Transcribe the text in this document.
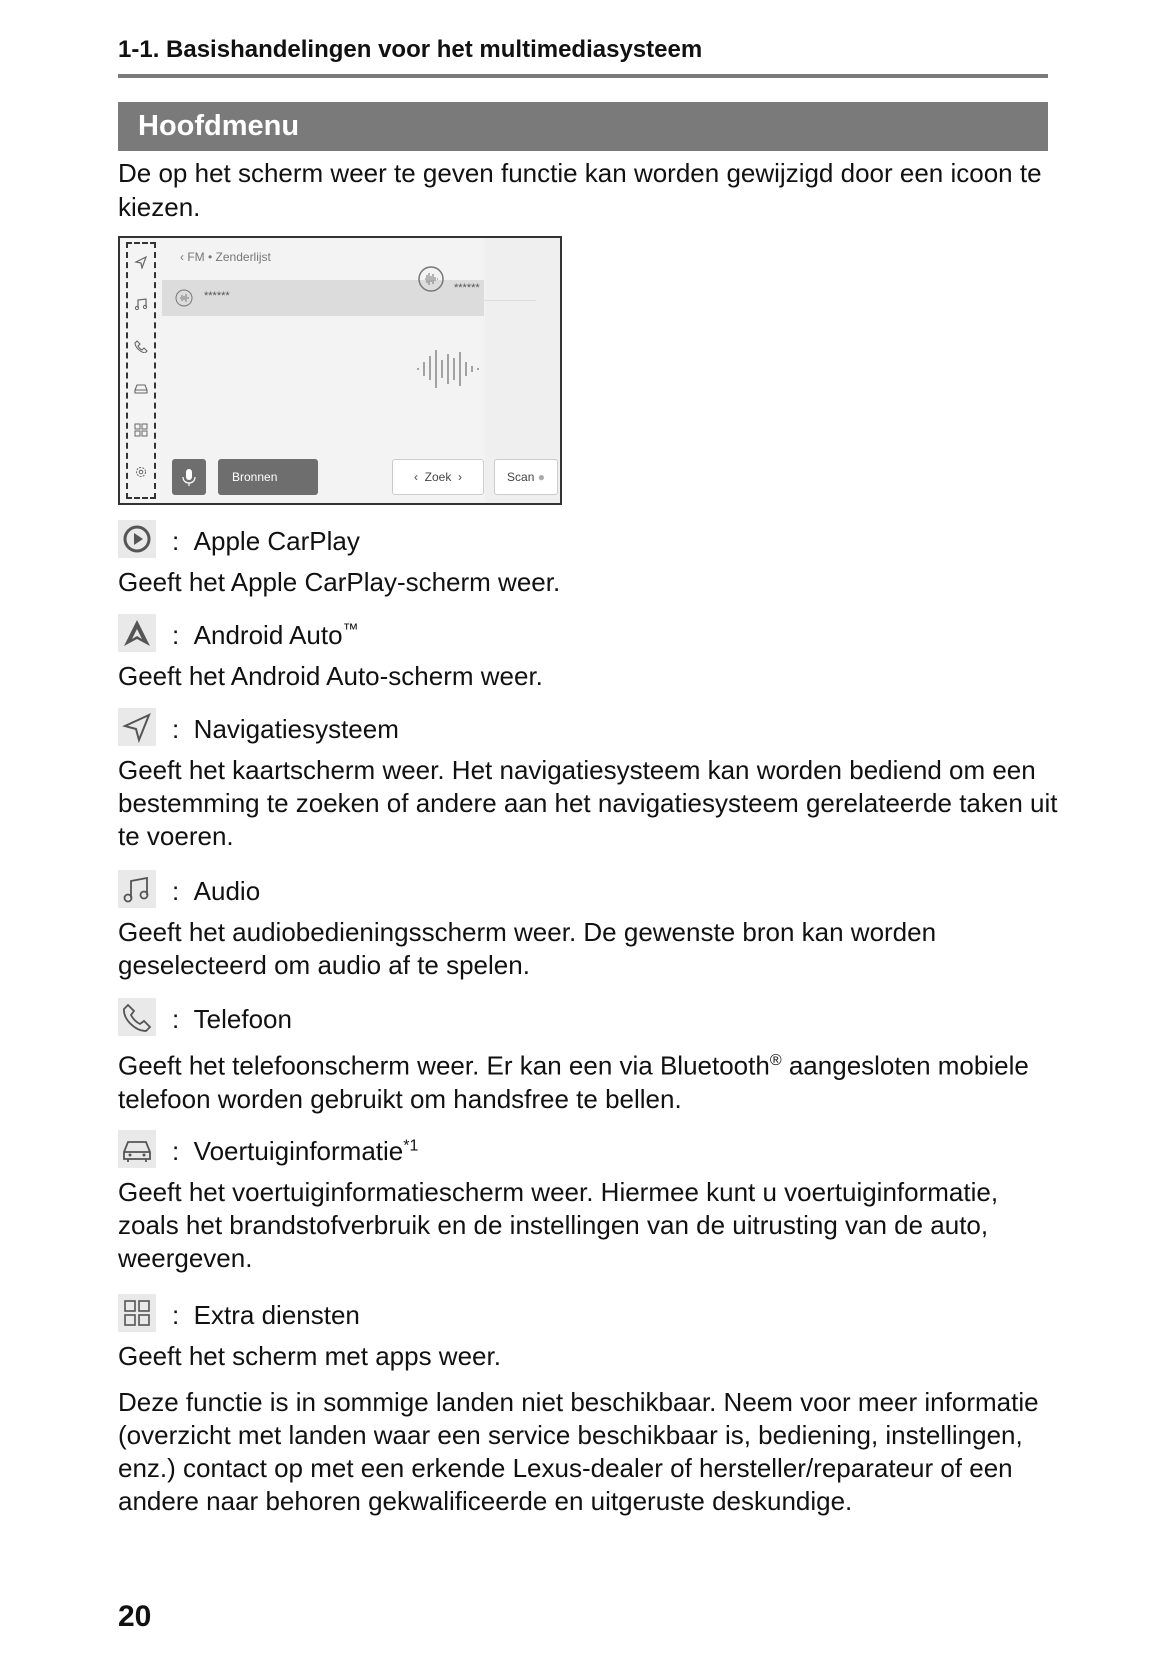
1-1. Basishandelingen voor het multimediasysteem
Hoofdmenu
De op het scherm weer te geven functie kan worden gewijzigd door een icoon te kiezen.
‹ FM • Zenderlijst
******
******
Bronnen	‹  Zoek  ›	Scan ●
:  Apple CarPlay
Geeft het Apple CarPlay-scherm weer.
:  Android Auto™
Geeft het Android Auto-scherm weer.
:  Navigatiesysteem
Geeft het kaartscherm weer. Het navigatiesysteem kan worden bediend om een bestemming te zoeken of andere aan het navigatiesysteem gerelateerde taken uit te voeren.
:  Audio
Geeft het audiobedieningsscherm weer. De gewenste bron kan worden geselecteerd om audio af te spelen.
:  Telefoon
Geeft het telefoonscherm weer. Er kan een via Bluetooth® aangesloten mobiele telefoon worden gebruikt om handsfree te bellen.
:  Voertuiginformatie$^{*1}$
Geeft het voertuiginformatiescherm weer. Hiermee kunt u voertuiginformatie, zoals het brandstofverbruik en de instellingen van de uitrusting van de auto, weergeven.
:  Extra diensten
Geeft het scherm met apps weer.
Deze functie is in sommige landen niet beschikbaar. Neem voor meer informatie (overzicht met landen waar een service beschikbaar is, bediening, instellingen, enz.) contact op met een erkende Lexus-dealer of hersteller/reparateur of een andere naar behoren gekwalificeerde en uitgeruste deskundige.
20
